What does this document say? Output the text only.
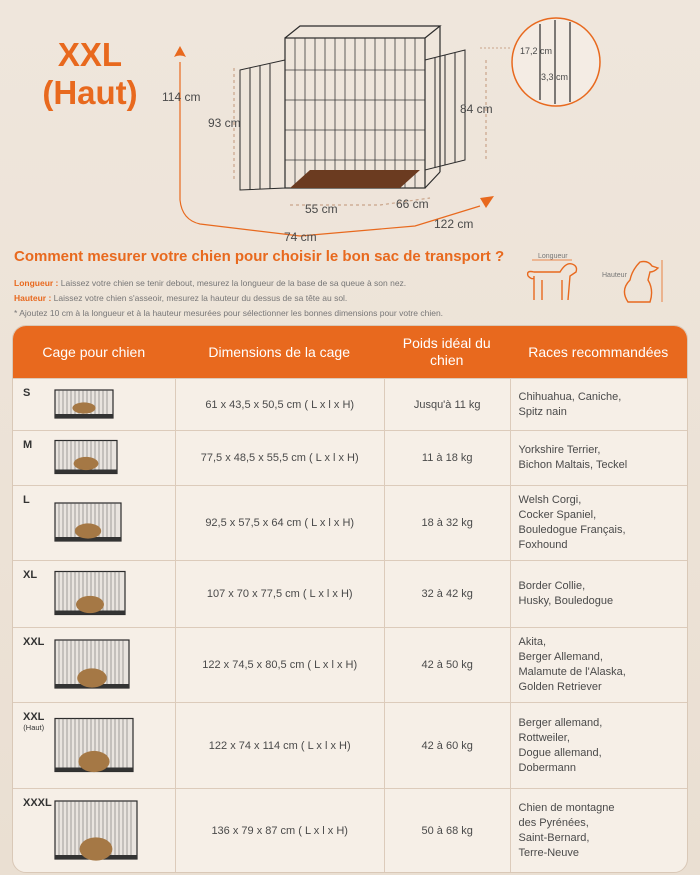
XXL
(Haut)	114 cm
93 cm
84 cm
55 cm	66 cm
122 cm
74 cm
17,2 cm
3,3 cm
Comment mesurer votre chien pour choisir le bon sac de transport ?
Longueur : Laissez votre chien se tenir debout, mesurez la longueur de la base de sa queue à son nez.
Hauteur : Laissez votre chien s'asseoir, mesurez la hauteur du dessus de sa tête au sol.
* Ajoutez 10 cm à la longueur et à la hauteur mesurées pour sélectionner les bonnes dimensions pour votre chien.
Longueur
Hauteur
Cage pour chien	Dimensions de la cage
Poids idéal du chien
Races recommandées
S
61 x 43,5 x 50,5 cm ( L x l x H)	Jusqu'à 11 kg
Chihuahua, Caniche,
Spitz nain
M
77,5 x 48,5 x 55,5 cm ( L x l x H)	11 à 18 kg
Yorkshire Terrier,
Bichon Maltais, Teckel
L
92,5 x 57,5 x 64 cm ( L x l x H)	18 à 32 kg
Welsh Corgi,
Cocker Spaniel,
Bouledogue Français,
Foxhound
XL
107 x 70 x 77,5 cm ( L x l x H)	32 à 42 kg
Border Collie,
Husky, Bouledogue
XXL
122 x 74,5 x 80,5 cm ( L x l x H)	42 à 50 kg
Akita,
Berger Allemand,
Malamute de l'Alaska,
Golden Retriever
XXL
(Haut)
122 x 74 x 114 cm ( L x l x H)	42 à 60 kg
Berger allemand,
Rottweiler,
Dogue allemand,
Dobermann
XXXL
136 x 79 x 87 cm ( L x l x H)	50 à 68 kg
Chien de montagne
des Pyrénées,
Saint-Bernard,
Terre-Neuve
